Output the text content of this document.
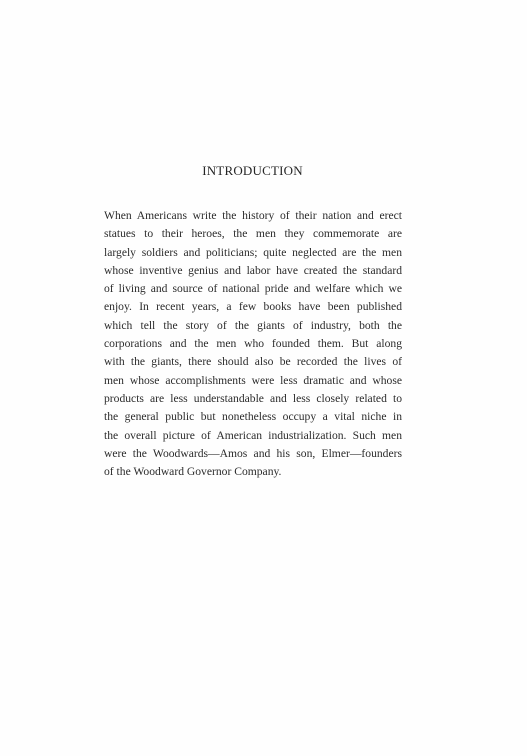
INTRODUCTION
When Americans write the history of their nation and erect
statues to their heroes, the men they commemorate are
largely soldiers and politicians; quite neglected are the men
whose inventive genius and labor have created the standard
of living and source of national pride and welfare which we
enjoy. In recent years, a few books have been published
which tell the story of the giants of industry, both the
corporations and the men who founded them. But along
with the giants, there should also be recorded the lives of
men whose accomplishments were less dramatic and whose
products are less understandable and less closely related to
the general public but nonetheless occupy a vital niche in
the overall picture of American industrialization. Such men
were the Woodwards—Amos and his son, Elmer—founders
of the Woodward Governor Company.
